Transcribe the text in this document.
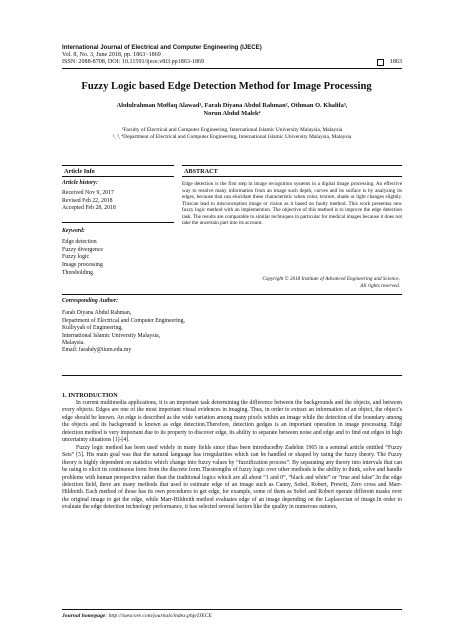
International Journal of Electrical and Computer Engineering (IJECE)
Vol. 8, No. 3, June 2018, pp. 1863~1869
ISSN: 2088-8708, DOI: 10.11591/ijece.v8i3.pp1863-1869	1863
Fuzzy Logic based Edge Detection Method for Image Processing
Abdulrahman Moffaq Alawad¹, Farah Diyana Abdul Rahman², Othman O. Khalifa³,
Norun Abdul Malek⁴
¹Faculty of Electrical and Computer Engineering, International Islamic University Malaysia, Malaysia
², ³, ⁴Department of Electrical and Computer Engineering, International Islamic University Malaysia, Malaysia
Article Info	ABSTRACT
Article history:
Received Nov 9, 2017
Revised Feb 22, 2018
Accepted Feb 28, 2018
Keyword:
Edge detection
Fuzzy divergence
Fuzzy logic
Image processing
Thresholding
Edge detection is the first step in image recognition systems in a digital image processing. An effective way to resolve many information from an image such depth, curves and its surface is by analyzing its edges, because that can elucidate these characteristic when color, texture, shade or light changes slightly. Thiscan lead to misconception image or vision as it based on faulty method. This work presentsa new fuzzy logic method with an implemention. The objective of this method is to improve the edge detection task. The results are comparable to similar techniques in particular for medical images because it does not take the uncertain part into its account.
Copyright © 2018 Institute of Advanced Engineering and Science.
All rights reserved.
Corresponding Author:
Farah Diyana Abdul Rahman,
Department of Electrical and Computer Engineering,
Kulliyyah of Engineering,
International Islamic University Malaysia,
Malaysia.
Email: farahdy@iium.edu.my
1. INTRODUCTION

In current multimedia applications, it is an important task determining the difference between the backgrounds and the objects, and between every objects. Edges are one of the most important visual evidences in imaging. Thus, in order to extract an information of an object, the object’s edge should be known. An edge is described as the wide variation among many pixels within an image while the detection of the boundary among the objects and its background is known as edge detection.Therefore, detection gedges is an important operation in image processing. Edge detection method is very important due to its property to discover edge, its ability to separate between noise and edge and to find out edges in high uncertainty situations [1]-[4].

Fuzzy logic method has been used widely in many fields since ithas been introducedby Zadehin 1965 in a seminal article entitled “Fuzzy Sets” [5]. His main goal was that the natural language has irregularities which can be handled or shaped by using the fuzzy theory. The Fuzzy theory is highly dependent on statistics which change into fuzzy values by “fuzzification process”. By separating any theory into intervals that can be using to elicit its continuous form from the discrete form.Thestrengths of fuzzy logic over other methods is the ability to think, solve and handle problems with human perspective rather than the traditional logics which are all about “1 and 0”, “black and white” or “true and false”.In the edge detection field, there are many methods that used to estimate edge of an image such as Canny, Sobel, Robert, Prewitt, Zero cross and Marr-Hildreith. Each method of those has its own procedures to get edge, for example, some of them as Sobel and Robert operate different masks over the original image to get the edge, while Marr-Hildreith method evaluates edge of an image depending on the Laplacecian of image.In order to evaluate the edge detection technology performance, it has selected several factors like the quality in numerous natures,

Journal homepage: http://iaescore.com/journals/index.php/IJECE
